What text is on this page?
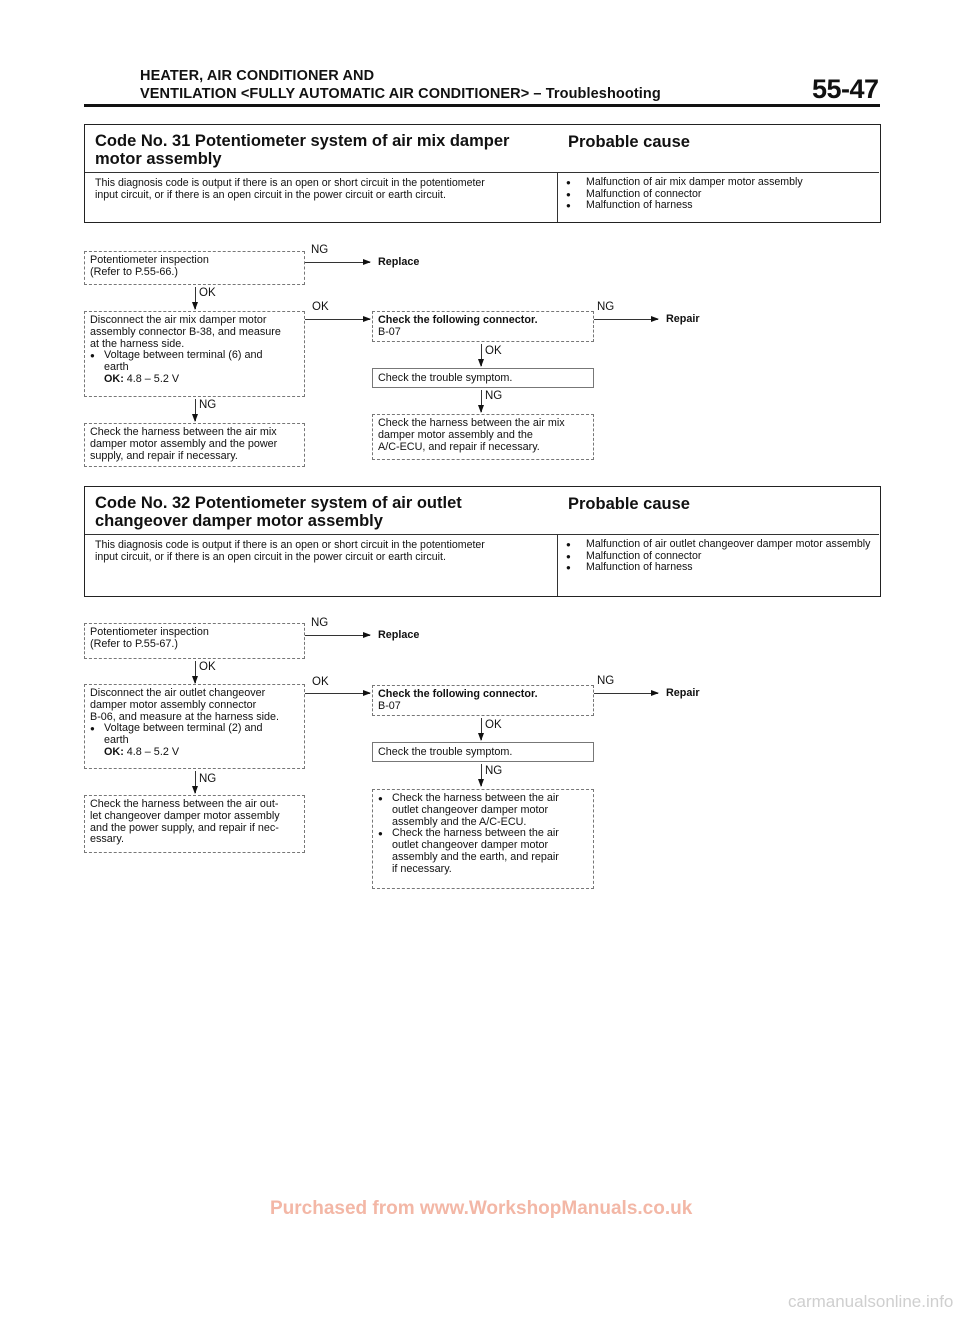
HEATER, AIR CONDITIONER AND
VENTILATION <FULLY AUTOMATIC AIR CONDITIONER> – Troubleshooting	55-47
Code No. 31 Potentiometer system of air mix damper
motor assembly
Probable cause
This diagnosis code is output if there is an open or short circuit in the potentiometer
input circuit, or if there is an open circuit in the power circuit or earth circuit.
● Malfunction of air mix damper motor assembly
● Malfunction of connector
● Malfunction of harness
Potentiometer inspection
(Refer to P.55-66.)
NG
Replace
OK
Disconnect the air mix damper motor
assembly connector B-38, and measure
at the harness side.
● Voltage between terminal (6) and
earth
OK: 4.8 – 5.2 V
OK
Check the following connector.
B-07
NG
Repair
OK
Check the trouble symptom.
NG
NG
Check the harness between the air mix
damper motor assembly and the power
supply, and repair if necessary.
Check the harness between the air mix
damper motor assembly and the
A/C-ECU, and repair if necessary.
Code No. 32 Potentiometer system of air outlet
changeover damper motor assembly
Probable cause
This diagnosis code is output if there is an open or short circuit in the potentiometer
input circuit, or if there is an open circuit in the power circuit or earth circuit.
● Malfunction of air outlet changeover damper motor assembly
● Malfunction of connector
● Malfunction of harness
Potentiometer inspection
(Refer to P.55-67.)
NG
Replace
OK
Disconnect the air outlet changeover
damper motor assembly connector
B-06, and measure at the harness side.
● Voltage between terminal (2) and
earth
OK: 4.8 – 5.2 V
OK
Check the following connector.
B-07
NG
Repair
OK
Check the trouble symptom.
NG
NG
Check the harness between the air out-
let changeover damper motor assembly
and the power supply, and repair if nec-
essary.
● Check the harness between the air
outlet changeover damper motor
assembly and the A/C-ECU.
● Check the harness between the air
outlet changeover damper motor
assembly and the earth, and repair
if necessary.
Purchased from www.WorkshopManuals.co.uk
carmanualsonline.info
